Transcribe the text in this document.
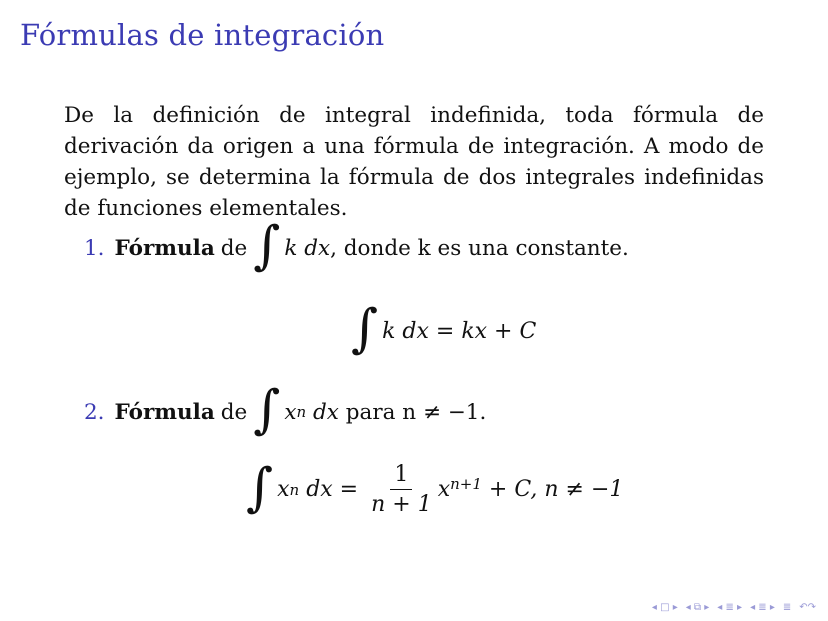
Fórmulas de integración
De la definición de integral indefinida, toda fórmula de derivación da origen a una fórmula de integración. A modo de ejemplo, se determina la fórmula de dos integrales indefinidas de funciones elementales.
1. Fórmula de ∫ k dx , donde k es una constante.
∫ k dx = kx + C
2. Fórmula de ∫ x n
dx
para n ≠ −1.
∫ x n
dx =
$\frac{1}{n + 1} x^{n+1}$
+ C, n ≠ −1
◂ □ ▸ ◂ ⧉ ▸ ◂ ≣ ▸ ◂ ≣ ▸ ≣ ↶↷
